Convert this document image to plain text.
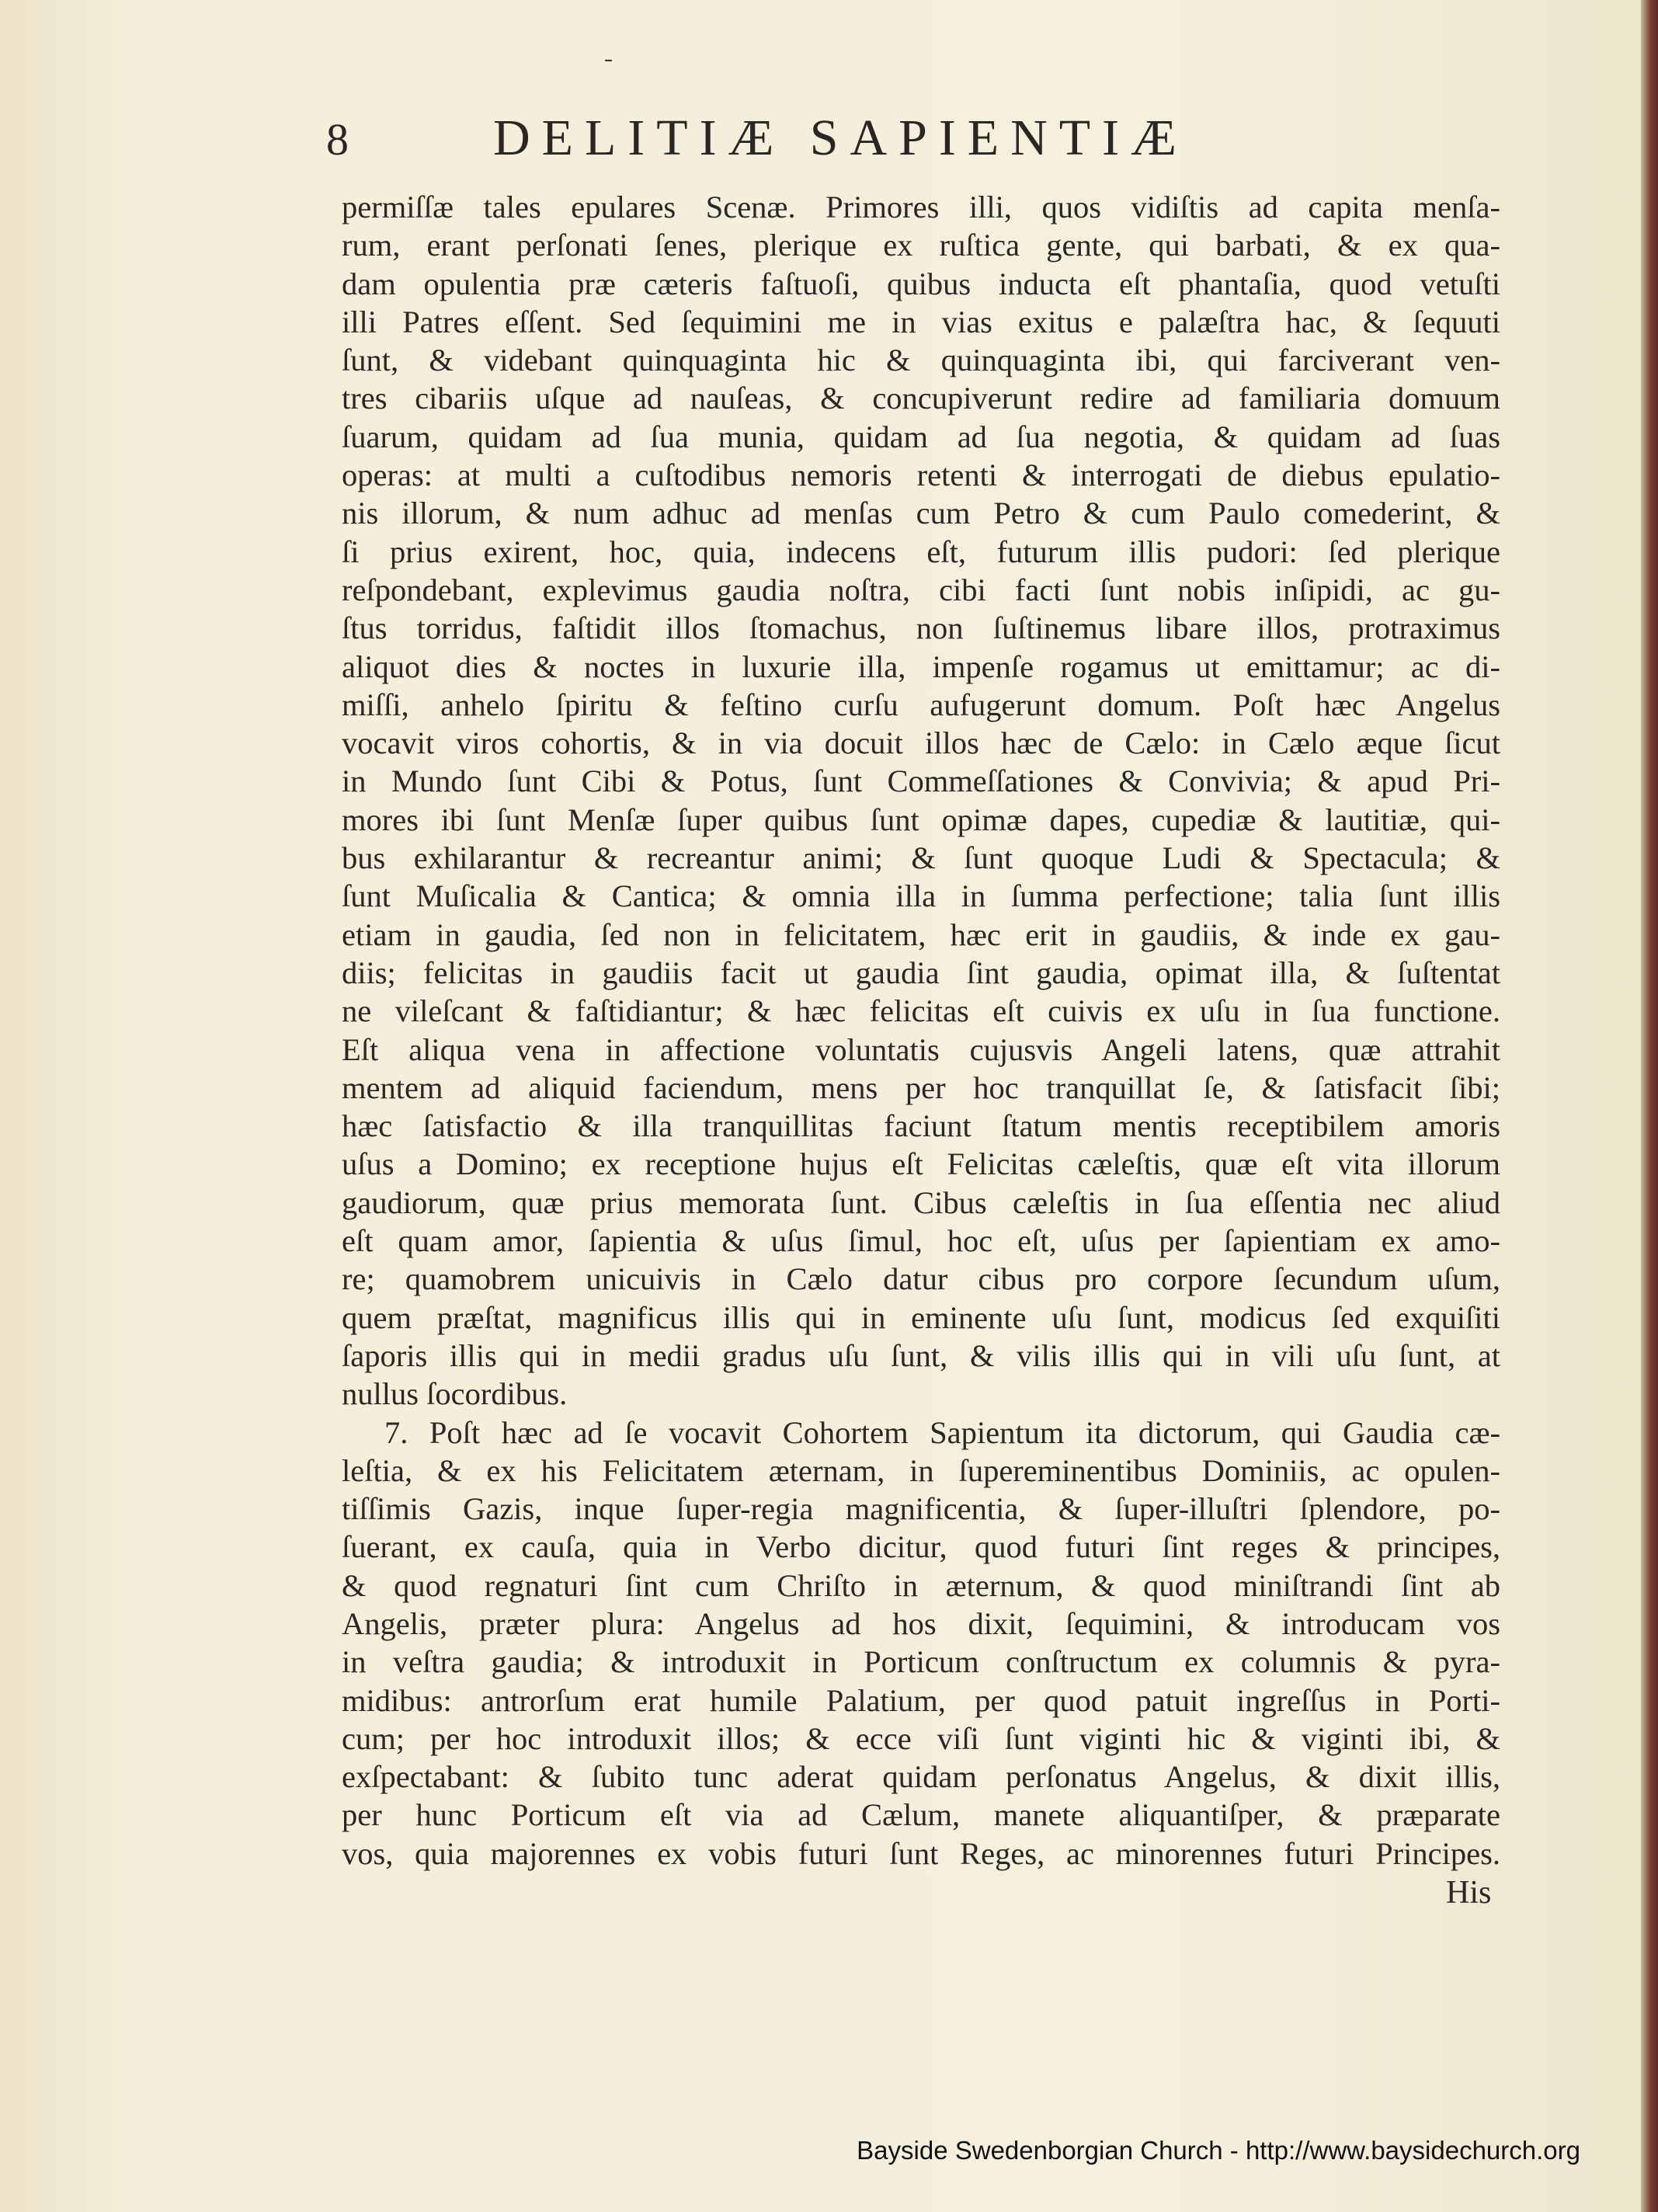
ˉ
8	DELITIÆ SAPIENTIÆ
permiſſæ tales epulares Scenæ. Primores illi, quos vidiſtis ad capita menſa-
rum, erant perſonati ſenes, plerique ex ruſtica gente, qui barbati, & ex qua-
dam opulentia præ cæteris faſtuoſi, quibus inducta eſt phantaſia, quod vetuſti
illi Patres eſſent. Sed ſequimini me in vias exitus e palæſtra hac, & ſequuti
ſunt, & videbant quinquaginta hic & quinquaginta ibi, qui farciverant ven-
tres cibariis uſque ad nauſeas, & concupiverunt redire ad familiaria domuum
ſuarum, quidam ad ſua munia, quidam ad ſua negotia, & quidam ad ſuas
operas: at multi a cuſtodibus nemoris retenti & interrogati de diebus epulatio-
nis illorum, & num adhuc ad menſas cum Petro & cum Paulo comederint, &
ſi prius exirent, hoc, quia, indecens eſt, futurum illis pudori: ſed plerique
reſpondebant, explevimus gaudia noſtra, cibi facti ſunt nobis inſipidi, ac gu-
ſtus torridus, faſtidit illos ſtomachus, non ſuſtinemus libare illos, protraximus
aliquot dies & noctes in luxurie illa, impenſe rogamus ut emittamur; ac di-
miſſi, anhelo ſpiritu & feſtino curſu aufugerunt domum. Poſt hæc Angelus
vocavit viros cohortis, & in via docuit illos hæc de Cælo: in Cælo æque ſicut
in Mundo ſunt Cibi & Potus, ſunt Commeſſationes & Convivia; & apud Pri-
mores ibi ſunt Menſæ ſuper quibus ſunt opimæ dapes, cupediæ & lautitiæ, qui-
bus exhilarantur & recreantur animi; & ſunt quoque Ludi & Spectacula; &
ſunt Muſicalia & Cantica; & omnia illa in ſumma perfectione; talia ſunt illis
etiam in gaudia, ſed non in felicitatem, hæc erit in gaudiis, & inde ex gau-
diis; felicitas in gaudiis facit ut gaudia ſint gaudia, opimat illa, & ſuſtentat
ne vileſcant & faſtidiantur; & hæc felicitas eſt cuivis ex uſu in ſua functione.
Eſt aliqua vena in affectione voluntatis cujusvis Angeli latens, quæ attrahit
mentem ad aliquid faciendum, mens per hoc tranquillat ſe, & ſatisfacit ſibi;
hæc ſatisfactio & illa tranquillitas faciunt ſtatum mentis receptibilem amoris
uſus a Domino; ex receptione hujus eſt Felicitas cæleſtis, quæ eſt vita illorum
gaudiorum, quæ prius memorata ſunt. Cibus cæleſtis in ſua eſſentia nec aliud
eſt quam amor, ſapientia & uſus ſimul, hoc eſt, uſus per ſapientiam ex amo-
re; quamobrem unicuivis in Cælo datur cibus pro corpore ſecundum uſum,
quem præſtat, magnificus illis qui in eminente uſu ſunt, modicus ſed exquiſiti
ſaporis illis qui in medii gradus uſu ſunt, & vilis illis qui in vili uſu ſunt, at
nullus ſocordibus.
7. Poſt hæc ad ſe vocavit Cohortem Sapientum ita dictorum, qui Gaudia cæ-
leſtia, & ex his Felicitatem æternam, in ſupereminentibus Dominiis, ac opulen-
tiſſimis Gazis, inque ſuper-regia magnificentia, & ſuper-illuſtri ſplendore, po-
ſuerant, ex cauſa, quia in Verbo dicitur, quod futuri ſint reges & principes,
& quod regnaturi ſint cum Chriſto in æternum, & quod miniſtrandi ſint ab
Angelis, præter plura: Angelus ad hos dixit, ſequimini, & introducam vos
in veſtra gaudia; & introduxit in Porticum conſtructum ex columnis & pyra-
midibus: antrorſum erat humile Palatium, per quod patuit ingreſſus in Porti-
cum; per hoc introduxit illos; & ecce viſi ſunt viginti hic & viginti ibi, &
exſpectabant: & ſubito tunc aderat quidam perſonatus Angelus, & dixit illis,
per hunc Porticum eſt via ad Cælum, manete aliquantiſper, & præparate
vos, quia majorennes ex vobis futuri ſunt Reges, ac minorennes futuri Principes.
His
Bayside Swedenborgian Church - http://www.baysidechurch.org
